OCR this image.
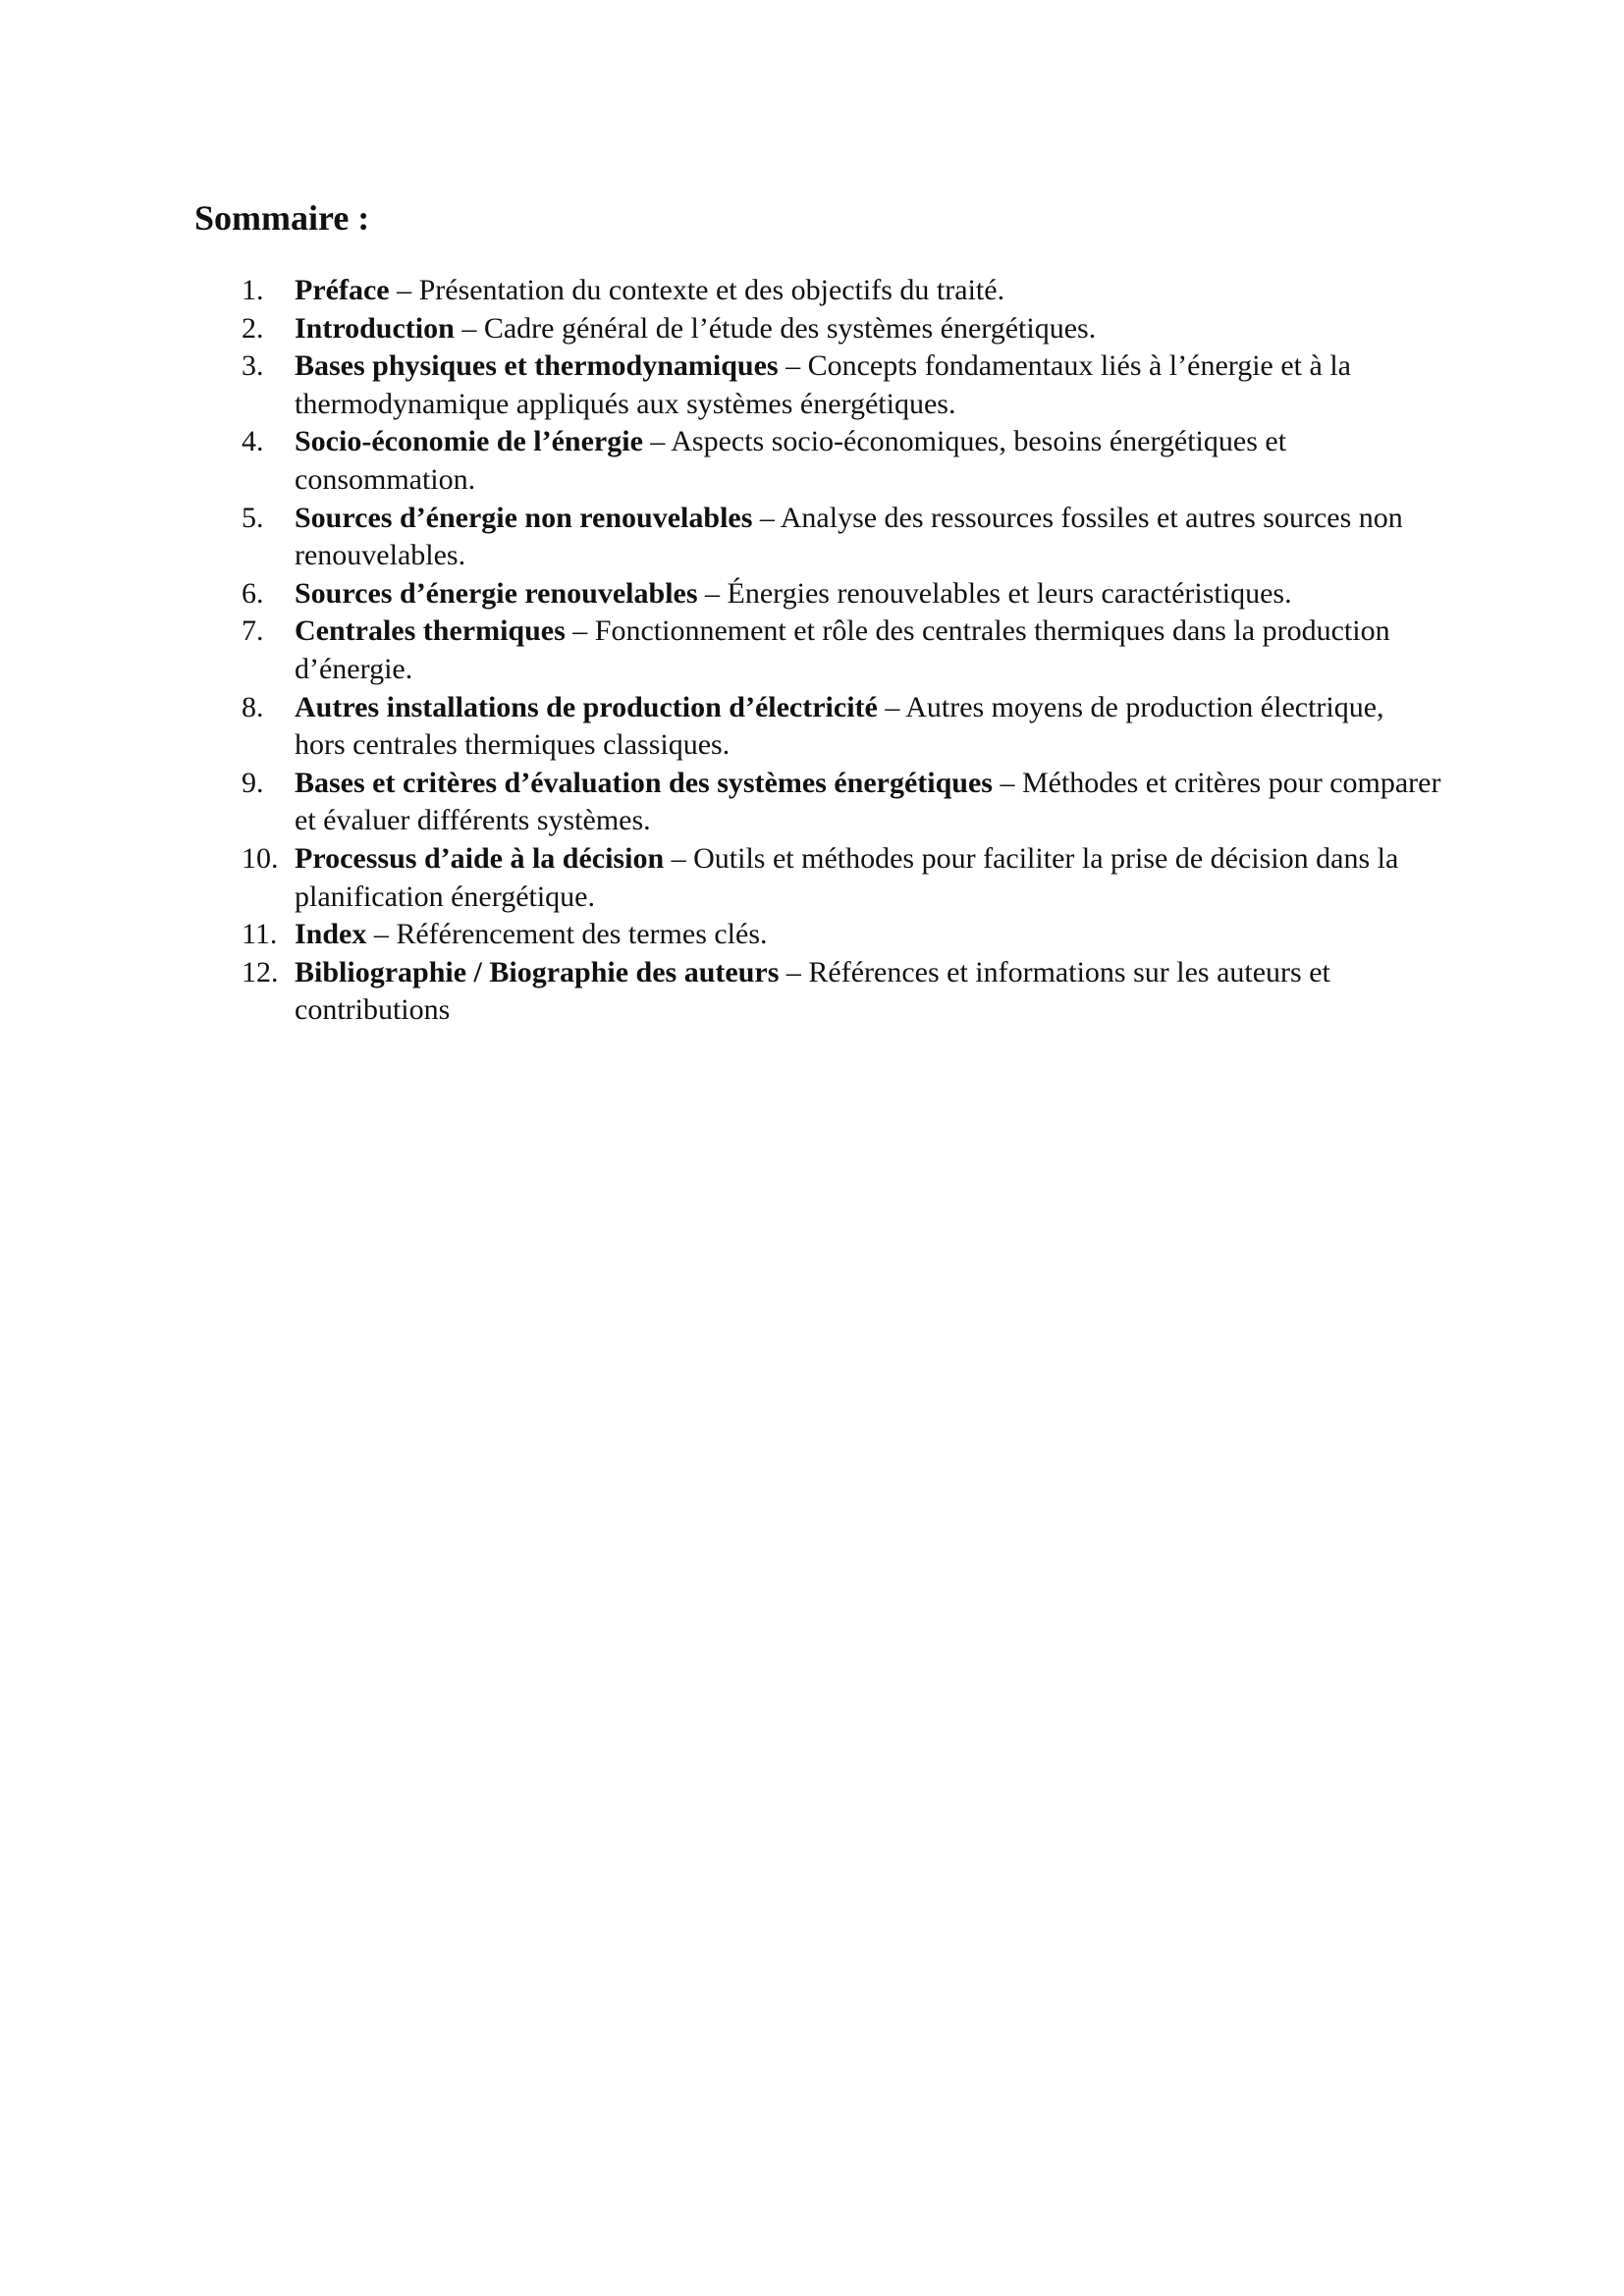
Sommaire :
1. Préface – Présentation du contexte et des objectifs du traité.
2. Introduction – Cadre général de l’étude des systèmes énergétiques.
3. Bases physiques et thermodynamiques – Concepts fondamentaux liés à l’énergie et à la thermodynamique appliqués aux systèmes énergétiques.
4. Socio-économie de l’énergie – Aspects socio-économiques, besoins énergétiques et consommation.
5. Sources d’énergie non renouvelables – Analyse des ressources fossiles et autres sources non renouvelables.
6. Sources d’énergie renouvelables – Énergies renouvelables et leurs caractéristiques.
7. Centrales thermiques – Fonctionnement et rôle des centrales thermiques dans la production d’énergie.
8. Autres installations de production d’électricité – Autres moyens de production électrique, hors centrales thermiques classiques.
9. Bases et critères d’évaluation des systèmes énergétiques – Méthodes et critères pour comparer et évaluer différents systèmes.
10. Processus d’aide à la décision – Outils et méthodes pour faciliter la prise de décision dans la planification énergétique.
11. Index – Référencement des termes clés.
12. Bibliographie / Biographie des auteurs – Références et informations sur les auteurs et contributions
